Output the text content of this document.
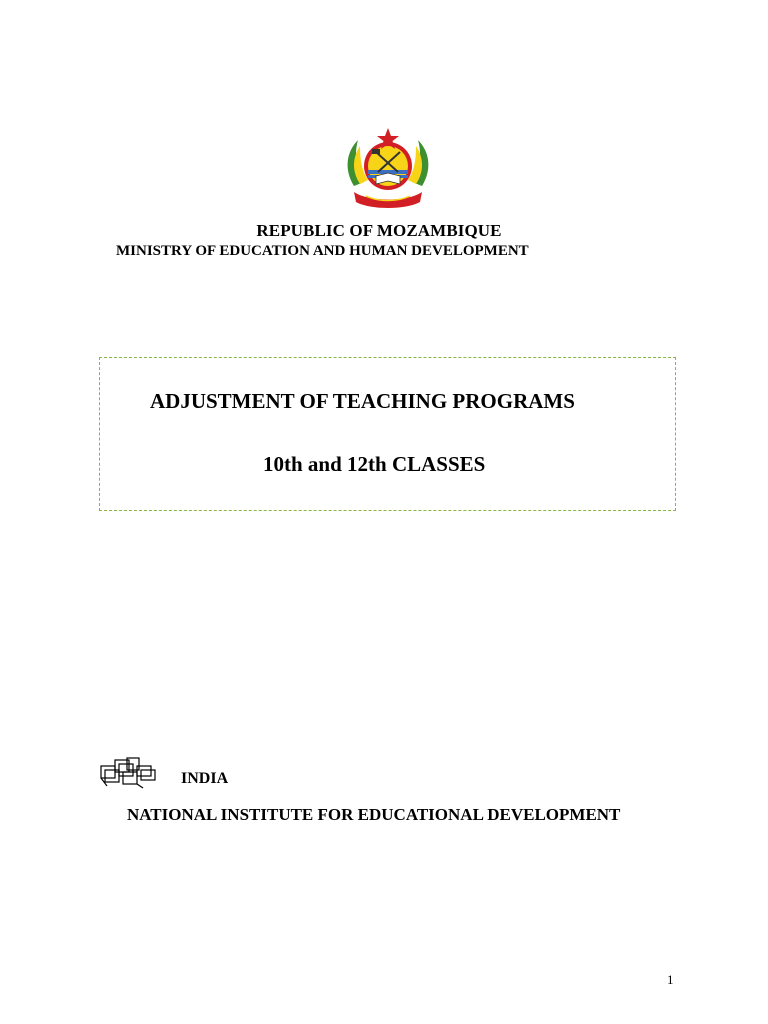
REPUBLIC OF MOZAMBIQUE
MINISTRY OF EDUCATION AND HUMAN DEVELOPMENT
ADJUSTMENT OF TEACHING PROGRAMS
10th and 12th CLASSES
INDIA
NATIONAL INSTITUTE FOR EDUCATIONAL DEVELOPMENT
1
